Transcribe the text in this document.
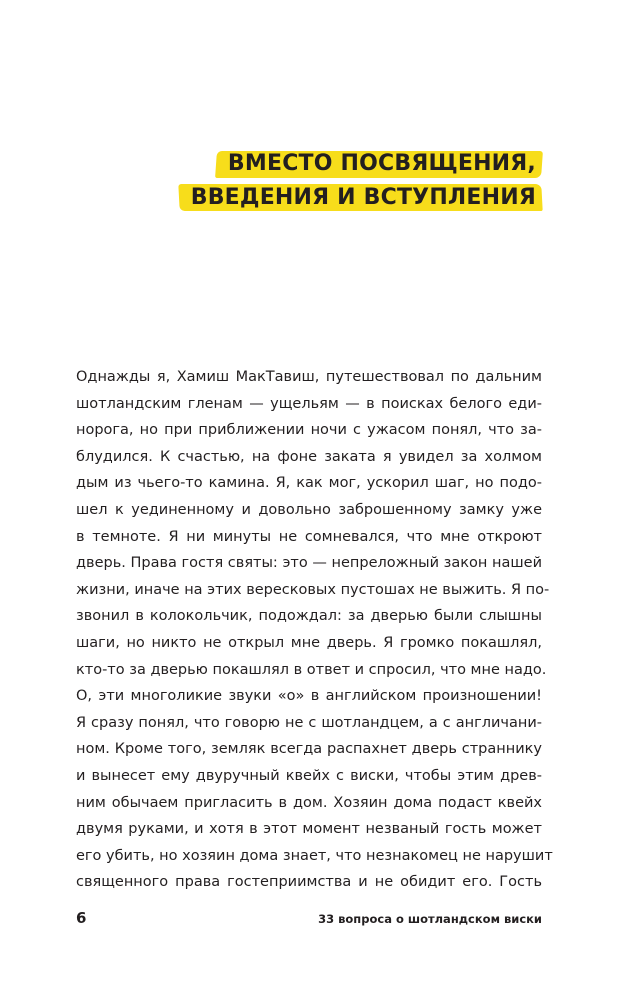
ВМЕСТО ПОСВЯЩЕНИЯ,
ВВЕДЕНИЯ И ВСТУПЛЕНИЯ
Однажды я, Хамиш МакТавиш, путешествовал по дальним
шотландским гленам — ущельям — в поисках белого еди-
норога, но при приближении ночи с ужасом понял, что за-
блудился. К счастью, на фоне заката я увидел за холмом
дым из чьего-то камина. Я, как мог, ускорил шаг, но подо-
шел к уединенному и довольно заброшенному замку уже
в темноте. Я ни минуты не сомневался, что мне откроют
дверь. Права гостя святы: это — непреложный закон нашей
жизни, иначе на этих вересковых пустошах не выжить. Я по-
звонил в колокольчик, подождал: за дверью были слышны
шаги, но никто не открыл мне дверь. Я громко покашлял,
кто-то за дверью покашлял в ответ и спросил, что мне надо.
О, эти многоликие звуки «о» в английском произношении!
Я сразу понял, что говорю не с шотландцем, а с англичани-
ном. Кроме того, земляк всегда распахнет дверь страннику
и вынесет ему двуручный квейх с виски, чтобы этим древ-
ним обычаем пригласить в дом. Хозяин дома подаст квейх
двумя руками, и хотя в этот момент незваный гость может
его убить, но хозяин дома знает, что незнакомец не нарушит
священного права гостеприимства и не обидит его. Гость
6	33 вопроса о шотландском виски
